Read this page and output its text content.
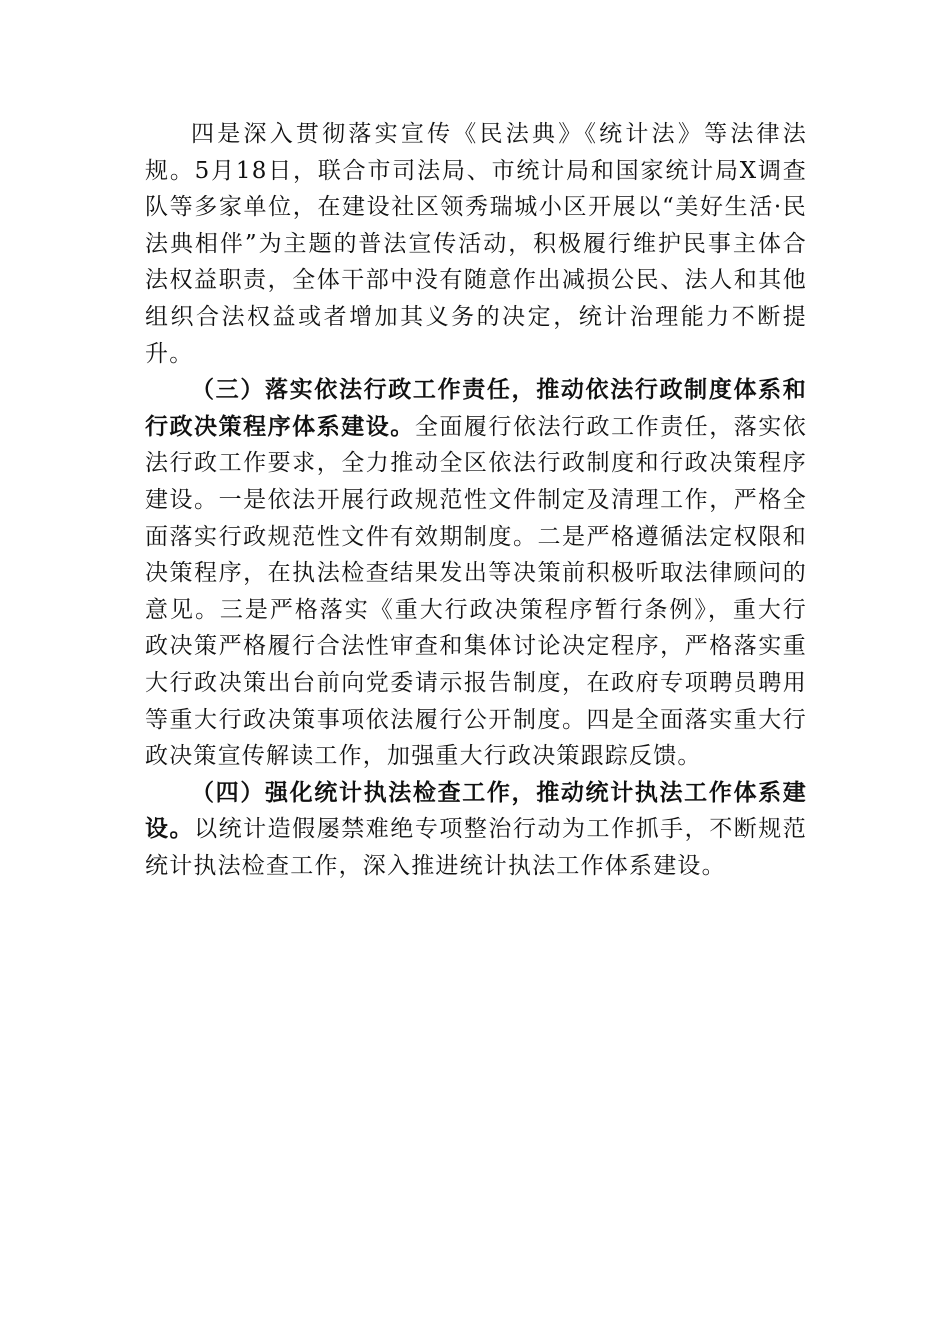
四是深入贯彻落实宣传《民法典》《统计法》等法律法规。5月18日，联合市司法局、市统计局和国家统计局X调查队等多家单位，在建设社区领秀瑞城小区开展以“美好生活·民法典相伴”为主题的普法宣传活动，积极履行维护民事主体合法权益职责，全体干部中没有随意作出减损公民、法人和其他组织合法权益或者增加其义务的决定，统计治理能力不断提升。

（三）落实依法行政工作责任，推动依法行政制度体系和行政决策程序体系建设。全面履行依法行政工作责任，落实依法行政工作要求，全力推动全区依法行政制度和行政决策程序建设。一是依法开展行政规范性文件制定及清理工作，严格全面落实行政规范性文件有效期制度。二是严格遵循法定权限和决策程序，在执法检查结果发出等决策前积极听取法律顾问的意见。三是严格落实《重大行政决策程序暂行条例》，重大行政决策严格履行合法性审查和集体讨论决定程序，严格落实重大行政决策出台前向党委请示报告制度，在政府专项聘员聘用等重大行政决策事项依法履行公开制度。四是全面落实重大行政决策宣传解读工作，加强重大行政决策跟踪反馈。

（四）强化统计执法检查工作，推动统计执法工作体系建设。以统计造假屡禁难绝专项整治行动为工作抓手，不断规范统计执法检查工作，深入推进统计执法工作体系建设。
